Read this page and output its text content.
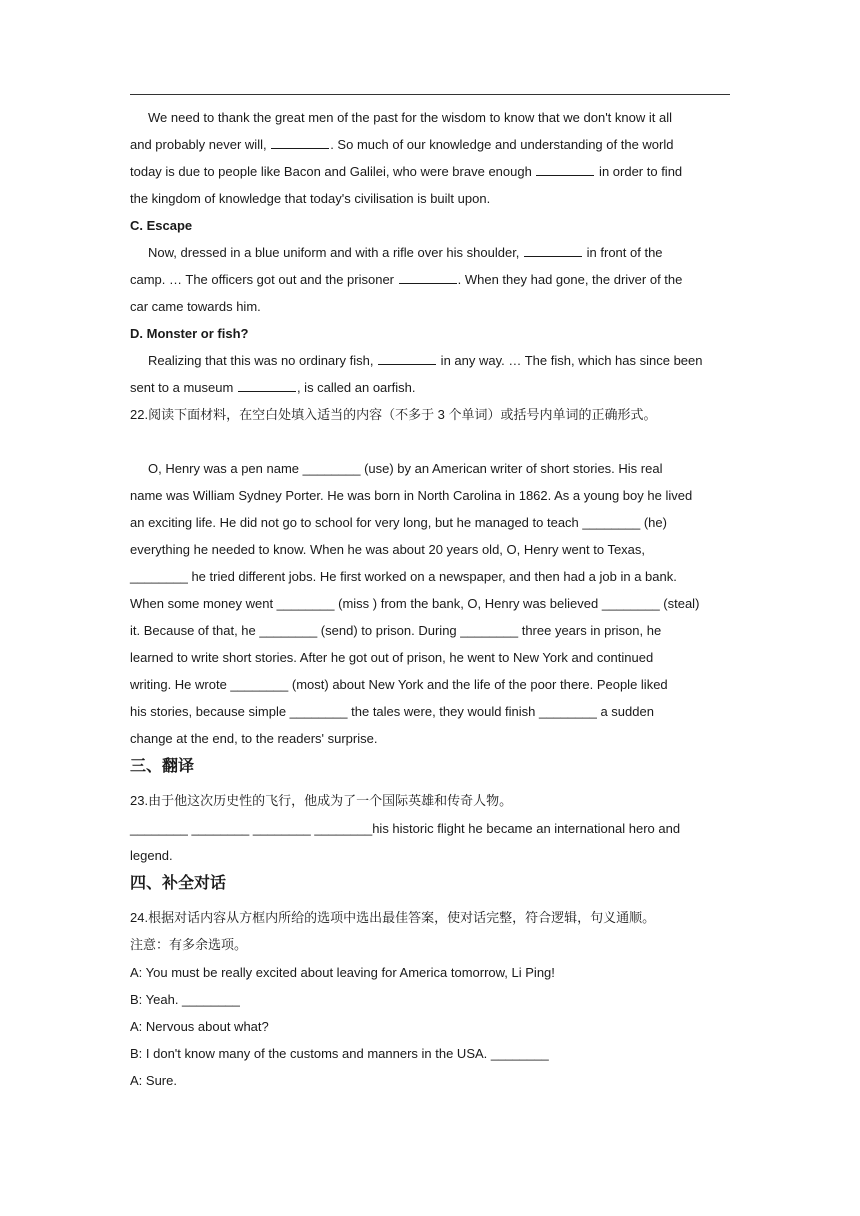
We need to thank the great men of the past for the wisdom to know that we don't know it all
and probably never will,	. So much of our knowledge and understanding of the world
today is due to people like Bacon and Galilei, who were brave enough	in order to find
the kingdom of knowledge that today's civilisation is built upon.
C. Escape
Now, dressed in a blue uniform and with a rifle over his shoulder,	in front of the
camp. … The officers got out and the prisoner	. When they had gone, the driver of the
car came towards him.
D. Monster or fish?
Realizing that this was no ordinary fish,	in any way. … The fish, which has since been
sent to a museum	, is called an oarfish.
22.阅读下面材料，在空白处填入适当的内容（不多于 3 个单词）或括号内单词的正确形式。
O, Henry was a pen name ________ (use) by an American writer of short stories. His real
name was William Sydney Porter. He was born in North Carolina in 1862. As a young boy he lived
an exciting life. He did not go to school for very long, but he managed to teach ________ (he)
everything he needed to know. When he was about 20 years old, O, Henry went to Texas,
________ he tried different jobs. He first worked on a newspaper, and then had a job in a bank.
When some money went ________ (miss ) from the bank, O, Henry was believed ________ (steal)
it. Because of that, he ________ (send) to prison. During ________ three years in prison, he
learned to write short stories. After he got out of prison, he went to New York and continued
writing. He wrote ________ (most) about New York and the life of the poor there. People liked
his stories, because simple ________ the tales were, they would finish ________ a sudden
change at the end, to the readers' surprise.
三、翻译
23.由于他这次历史性的飞行，他成为了一个国际英雄和传奇人物。
________ ________ ________ ________his historic flight he became an international hero and
legend.
四、补全对话
24.根据对话内容从方框内所给的选项中选出最佳答案，使对话完整，符合逻辑，句义通顺。
注意：有多余选项。
A: You must be really excited about leaving for America tomorrow, Li Ping!
B: Yeah. ________
A: Nervous about what?
B: I don't know many of the customs and manners in the USA. ________
A: Sure.
